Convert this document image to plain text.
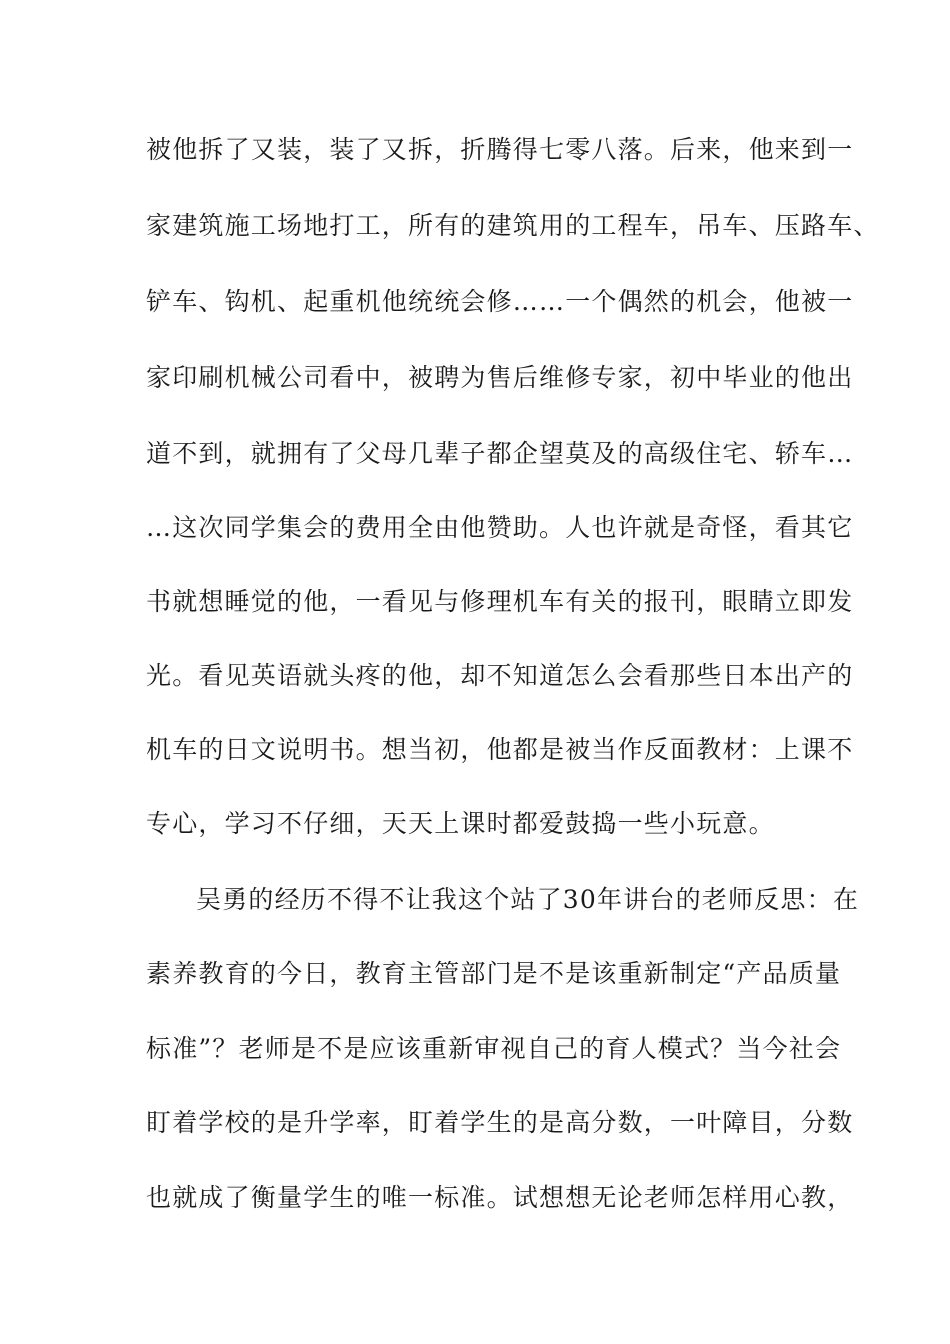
被他拆了又装，装了又拆，折腾得七零八落。后来，他来到一
家建筑施工场地打工，所有的建筑用的工程车，吊车、压路车、
铲车、钩机、起重机他统统会修……一个偶然的机会，他被一
家印刷机械公司看中，被聘为售后维修专家，初中毕业的他出
道不到，就拥有了父母几辈子都企望莫及的高级住宅、轿车…
…这次同学集会的费用全由他赞助。人也许就是奇怪，看其它
书就想睡觉的他，一看见与修理机车有关的报刊，眼睛立即发
光。看见英语就头疼的他，却不知道怎么会看那些日本出产的
机车的日文说明书。想当初，他都是被当作反面教材：上课不
专心，学习不仔细，天天上课时都爱鼓捣一些小玩意。
吴勇的经历不得不让我这个站了30年讲台的老师反思：在
素养教育的今日，教育主管部门是不是该重新制定“产品质量
标准”？老师是不是应该重新审视自己的育人模式？当今社会
盯着学校的是升学率，盯着学生的是高分数，一叶障目，分数
也就成了衡量学生的唯一标准。试想想无论老师怎样用心教，
